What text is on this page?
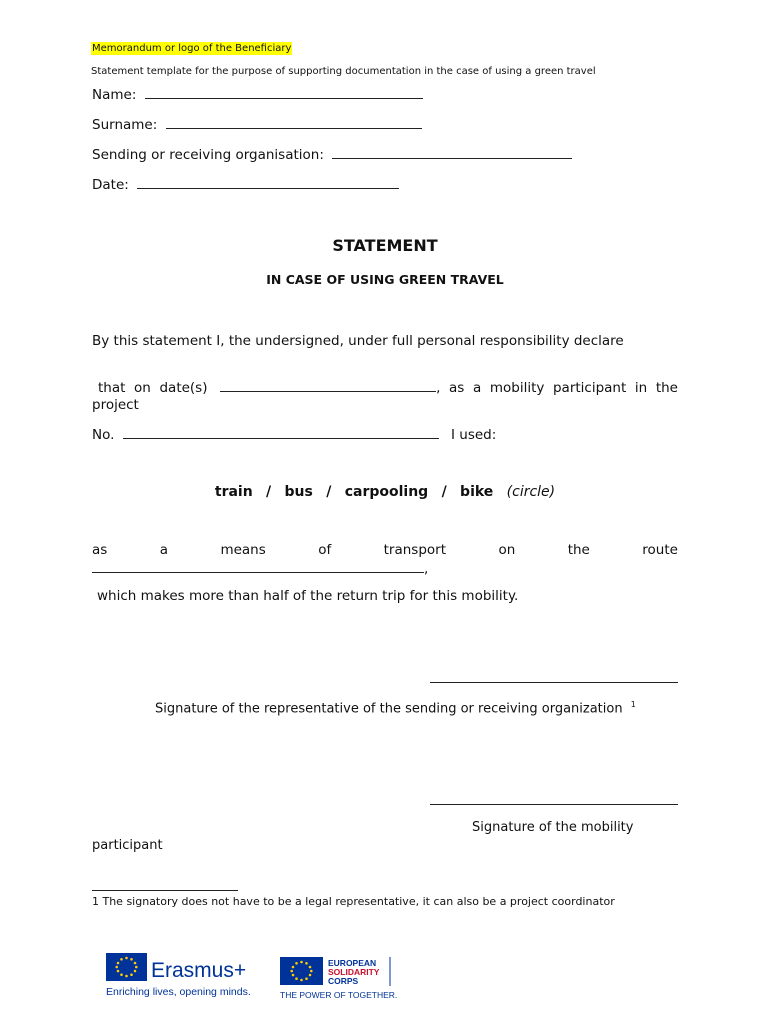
Memorandum or logo of the Beneficiary
Statement template for the purpose of supporting documentation in the case of using a green travel
Name:
Surname:
Sending or receiving organisation:
Date:
STATEMENT
IN CASE OF USING GREEN TRAVEL
By this statement I, the undersigned, under full personal responsibility declare
that on date(s)	, as a mobility participant in the project
No.	I used:
train / bus / carpooling / bike (circle)
as	a	means	of	transport	on	the	route
,
which makes more than half of the return trip for this mobility.
Signature of the representative of the sending or receiving organization $^1$
Signature of the mobility
participant
1 The signatory does not have to be a legal representative, it can also be a project coordinator
Erasmus+
Enriching lives, opening minds.
EUROPEAN
SOLIDARITY
CORPS
THE POWER OF TOGETHER.
